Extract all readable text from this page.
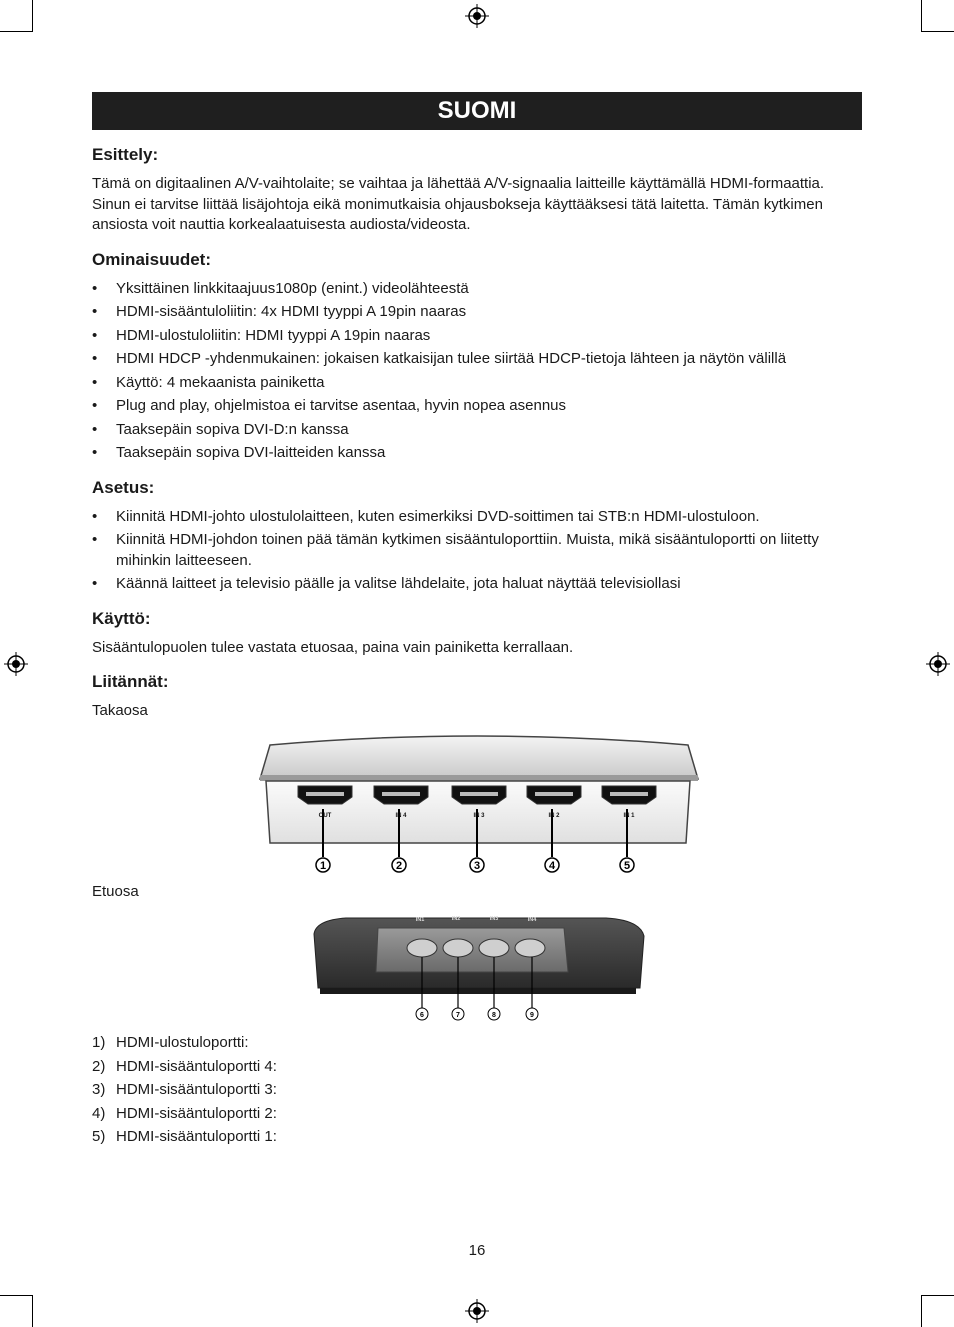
SUOMI
Esittely:

Tämä on digitaalinen A/V-vaihtolaite; se vaihtaa ja lähettää A/V-signaalia laitteille käyttämällä HDMI-formaattia. Sinun ei tarvitse liittää lisäjohtoja eikä monimutkaisia ohjausbokseja käyttääksesi tätä laitetta. Tämän kytkimen ansiosta voit nauttia korkealaatuisesta audiosta/videosta.

Ominaisuudet:
• Yksittäinen linkkitaajuus1080p (enint.) videolähteestä
• HDMI-sisääntuloliitin: 4x HDMI tyyppi A 19pin naaras
• HDMI-ulostuloliitin: HDMI tyyppi A 19pin naaras
• HDMI HDCP -yhdenmukainen: jokaisen katkaisijan tulee siirtää HDCP-tietoja lähteen ja näytön välillä
• Käyttö: 4 mekaanista painiketta
• Plug and play, ohjelmistoa ei tarvitse asentaa, hyvin nopea asennus
• Taaksepäin sopiva DVI-D:n kanssa
• Taaksepäin sopiva DVI-laitteiden kanssa
Asetus:
• Kiinnitä HDMI-johto ulostulolaitteen, kuten esimerkiksi DVD-soittimen tai STB:n HDMI-ulostuloon.
• Kiinnitä HDMI-johdon toinen pää tämän kytkimen sisääntuloporttiin. Muista, mikä sisääntuloportti on liitetty mihinkin laitteeseen.
• Käännä laitteet ja televisio päälle ja valitse lähdelaite, jota haluat näyttää televisiollasi
Käyttö:

Sisääntulopuolen tulee vastata etuosaa, paina vain painiketta kerrallaan.

Liitännät:

Takaosa

OUT	IN 4	IN 3	IN 2	IN 1
1	2	3	4	5

Etuosa

IN1	IN2	IN3	IN4
6	7	8	9
1) HDMI-ulostuloportti:
2) HDMI-sisääntuloportti 4:
3) HDMI-sisääntuloportti 3:
4) HDMI-sisääntuloportti 2:
5) HDMI-sisääntuloportti 1:
16
